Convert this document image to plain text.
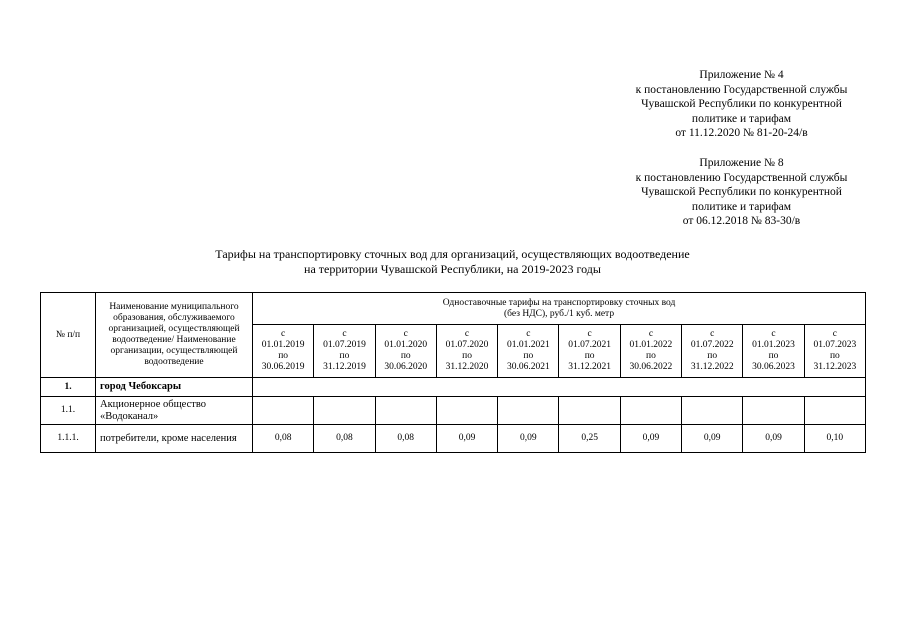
Приложение № 4
к постановлению Государственной службы
Чувашской Республики по конкурентной
политике и тарифам
от 11.12.2020 № 81-20-24/в
Приложение № 8
к постановлению Государственной службы
Чувашской Республики по конкурентной
политике и тарифам
от 06.12.2018 № 83-30/в
Тарифы на транспортировку сточных вод для организаций, осуществляющих водоотведение
на территории Чувашской Республики, на 2019-2023 годы
№ п/п	Наименование муниципального образования, обслуживаемого организацией, осуществляющей водоотведение/ Наименование организации, осуществляющей водоотведение	Одноставочные тарифы на транспортировку сточных вод
(без НДС), руб./1 куб. метр									

		с
01.01.2019
по
30.06.2019	с
01.07.2019
по
31.12.2019	с
01.01.2020
по
30.06.2020	с
01.07.2020
по
31.12.2020	с
01.01.2021
по
30.06.2021	с
01.07.2021
по
31.12.2021	с
01.01.2022
по
30.06.2022	с
01.07.2022
по
31.12.2022	с
01.01.2023
по
30.06.2023	с
01.07.2023
по
31.12.2023

1.	город Чебоксары										
1.1.	Акционерное общество «Водоканал»										
1.1.1.	потребители, кроме населения	0,08	0,08	0,08	0,09	0,09	0,25	0,09	0,09	0,09	0,10
